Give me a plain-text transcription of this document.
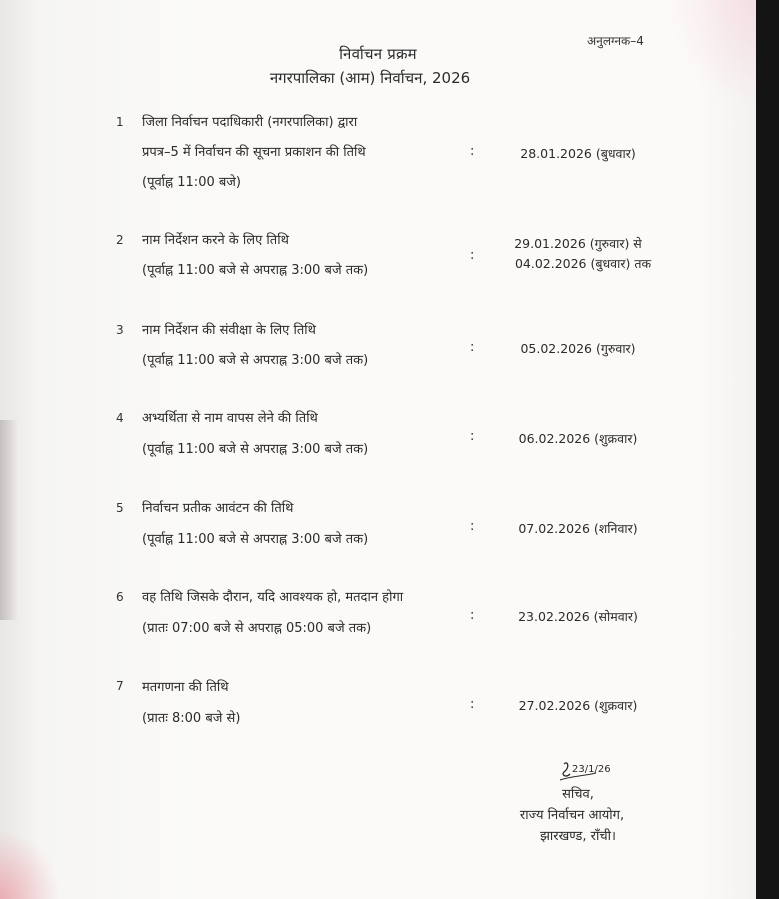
अनुलग्नक–4
निर्वाचन प्रक्रम
नगरपालिका (आम) निर्वाचन, 2026
1 जिला निर्वाचन पदाधिकारी (नगरपालिका) द्वारा
प्रपत्र–5 में निर्वाचन की सूचना प्रकाशन की तिथि
(पूर्वाह्न 11:00 बजे)
:	28.01.2026 (बुधवार)
2 नाम निर्देशन करने के लिए तिथि
(पूर्वाह्न 11:00 बजे से अपराह्न 3:00 बजे तक)
:
29.01.2026 (गुरुवार) से
04.02.2026 (बुधवार) तक
3 नाम निर्देशन की संवीक्षा के लिए तिथि
(पूर्वाह्न 11:00 बजे से अपराह्न 3:00 बजे तक)
:	05.02.2026 (गुरुवार)
4 अभ्यर्थिता से नाम वापस लेने की तिथि
(पूर्वाह्न 11:00 बजे से अपराह्न 3:00 बजे तक)
:	06.02.2026 (शुक्रवार)
5 निर्वाचन प्रतीक आवंटन की तिथि
(पूर्वाह्न 11:00 बजे से अपराह्न 3:00 बजे तक)
:	07.02.2026 (शनिवार)
6 वह तिथि जिसके दौरान, यदि आवश्यक हो, मतदान होगा
(प्रातः 07:00 बजे से अपराह्न 05:00 बजे तक)
:	23.02.2026 (सोमवार)
7 मतगणना की तिथि
(प्रातः 8:00 बजे से)
:	27.02.2026 (शुक्रवार)
23/1/26
सचिव,
राज्य निर्वाचन आयोग,
झारखण्ड, राँची।
